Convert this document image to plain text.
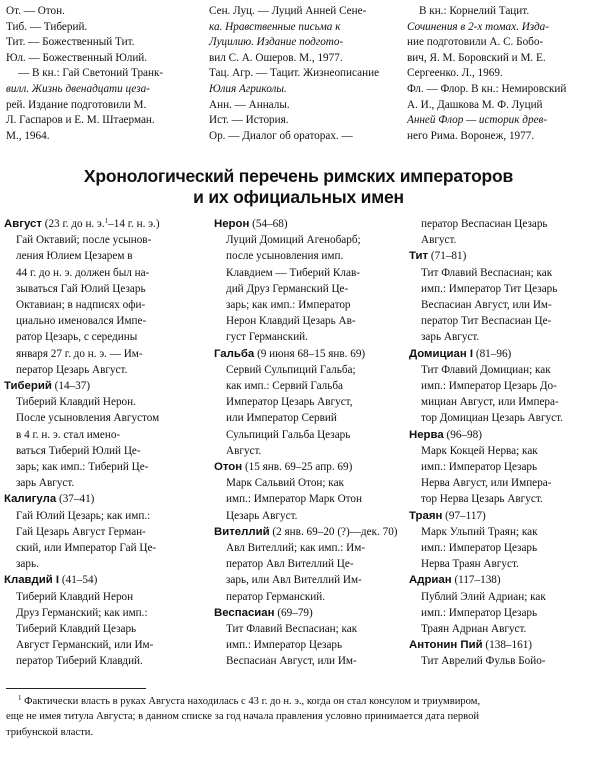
От. — Отон.
Тиб. — Тиберий.
Тит. — Божественный Тит.
Юл. — Божественный Юлий.
— В кн.: Гай Светоний Транк-
вилл. Жизнь двенадцати цеза-
рей. Издание подготовили М.
Л. Гаспаров и Е. М. Штаерман.
М., 1964.
Сен. Луц. — Луций Анней Сене-
ка. Нравственные письма к
Луцилию. Издание подгото-
вил С. А. Ошеров. М., 1977.
Тац. Агр. — Тацит. Жизнеописание
Юлия Агриколы.
Анн. — Анналы.
Ист. — История.
Ор. — Диалог об ораторах. —
В кн.: Корнелий Тацит.
Сочинения в 2-х томах. Изда-
ние подготовили А. С. Бобо-
вич, Я. М. Боровский и М. Е.
Сергеенко. Л., 1969.
Фл. — Флор. В кн.: Немировский
А. И., Дашкова М. Ф. Луций
Анней Флор — историк древ-
него Рима. Воронеж, 1977.
Хронологический перечень римских императоров
и их официальных имен
Август (23 г. до н. э.$^1$–14 г. н. э.)
Гай Октавий; после усынов-
ления Юлием Цезарем в
44 г. до н. э. должен был на-
зываться Гай Юлий Цезарь
Октавиан; в надписях офи-
циально именовался Импе-
ратор Цезарь, с середины
января 27 г. до н. э. — Им-
ператор Цезарь Август.
Тиберий (14–37)
Тиберий Клавдий Нерон.
После усыновления Августом
в 4 г. н. э. стал имено-
ваться Тиберий Юлий Це-
зарь; как имп.: Тиберий Це-
зарь Август.
Калигула (37–41)
Гай Юлий Цезарь; как имп.:
Гай Цезарь Август Герман-
ский, или Император Гай Це-
зарь.
Клавдий I (41–54)
Тиберий Клавдий Нерон
Друз Германский; как имп.:
Тиберий Клавдий Цезарь
Август Германский, или Им-
ператор Тиберий Клавдий.
Нерон (54–68)
Луций Домиций Агенобарб;
после усыновления имп.
Клавдием — Тиберий Клав-
дий Друз Германский Це-
зарь; как имп.: Император
Нерон Клавдий Цезарь Ав-
густ Германский.
Гальба (9 июня 68–15 янв. 69)
Сервий Сульпиций Гальба;
как имп.: Сервий Гальба
Император Цезарь Август,
или Император Сервий
Сульпиций Гальба Цезарь
Август.
Отон (15 янв. 69–25 апр. 69)
Марк Сальвий Отон; как
имп.: Император Марк Отон
Цезарь Август.
Вителлий (2 янв. 69–20 (?)—дек. 70)
Авл Вителлий; как имп.: Им-
ператор Авл Вителлий Це-
зарь, или Авл Вителлий Им-
ператор Германский.
Веспасиан (69–79)
Тит Флавий Веспасиан; как
имп.: Император Цезарь
Веспасиан Август, или Им-
ператор Веспасиан Цезарь
Август.
Тит (71–81)
Тит Флавий Веспасиан; как
имп.: Император Тит Цезарь
Веспасиан Август, или Им-
ператор Тит Веспасиан Це-
зарь Август.
Домициан I (81–96)
Тит Флавий Домициан; как
имп.: Император Цезарь До-
мициан Август, или Импера-
тор Домициан Цезарь Август.
Нерва (96–98)
Марк Кокцей Нерва; как
имп.: Император Цезарь
Нерва Август, или Импера-
тор Нерва Цезарь Август.
Траян (97–117)
Марк Ульпий Траян; как
имп.: Император Цезарь
Нерва Траян Август.
Адриан (117–138)
Публий Элий Адриан; как
имп.: Император Цезарь
Траян Адриан Август.
Антонин Пий (138–161)
Тит Аврелий Фульв Бойо-
$^1$ Фактически власть в руках Августа находилась с 43 г. до н. э., когда он стал консулом и триумвиром,
еще не имея титула Августа; в данном списке за год начала правления условно принимается дата первой
трибунской власти.
